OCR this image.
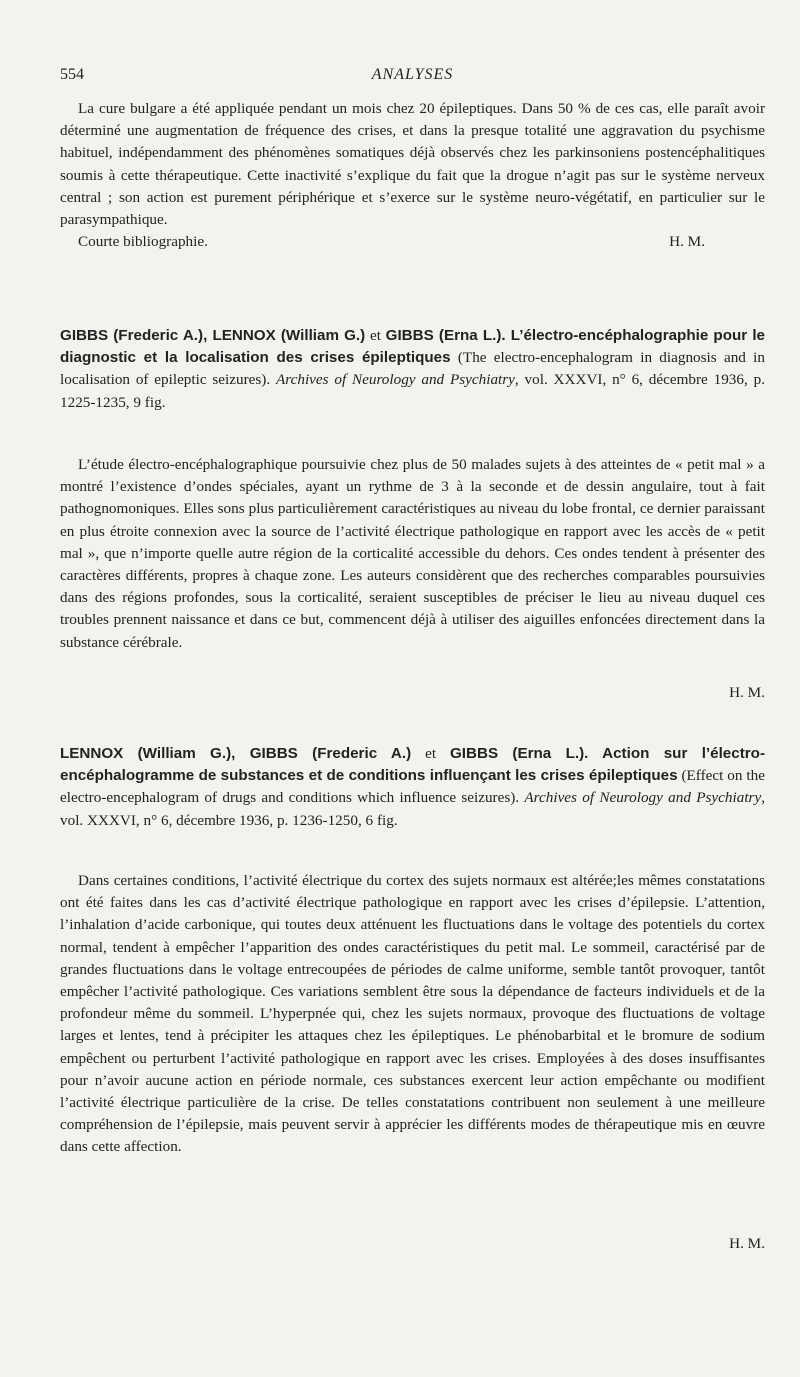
554	ANALYSES

La cure bulgare a été appliquée pendant un mois chez 20 épileptiques. Dans 50 % de ces cas, elle paraît avoir déterminé une augmentation de fréquence des crises, et dans la presque totalité une aggravation du psychisme habituel, indépendamment des phénomènes somatiques déjà observés chez les parkinsoniens postencéphalitiques soumis à cette thérapeutique. Cette inactivité s’explique du fait que la drogue n’agit pas sur le système nerveux central ; son action est purement périphérique et s’exerce sur le système neuro-végétatif, en particulier sur le parasympathique.

Courte bibliographie.	H. M.
GIBBS (Frederic A.), LENNOX (William G.) et GIBBS (Erna L.). L’électro-encéphalographie pour le diagnostic et la localisation des crises épileptiques (The electro-encephalogram in diagnosis and in localisation of epileptic seizures). Archives of Neurology and Psychiatry, vol. XXXVI, n° 6, décembre 1936, p. 1225-1235, 9 fig.

L’étude électro-encéphalographique poursuivie chez plus de 50 malades sujets à des atteintes de « petit mal » a montré l’existence d’ondes spéciales, ayant un rythme de 3 à la seconde et de dessin angulaire, tout à fait pathognomoniques. Elles sons plus particulièrement caractéristiques au niveau du lobe frontal, ce dernier paraissant en plus étroite connexion avec la source de l’activité électrique pathologique en rapport avec les accès de « petit mal », que n’importe quelle autre région de la corticalité accessible du dehors. Ces ondes tendent à présenter des caractères différents, propres à chaque zone. Les auteurs considèrent que des recherches comparables poursuivies dans des régions profondes, sous la corticalité, seraient susceptibles de préciser le lieu au niveau duquel ces troubles prennent naissance et dans ce but, commencent déjà à utiliser des aiguilles enfoncées directement dans la substance cérébrale.

H. M.
LENNOX (William G.), GIBBS (Frederic A.) et GIBBS (Erna L.). Action sur l’électro-encéphalogramme de substances et de conditions influençant les crises épileptiques (Effect on the electro-encephalogram of drugs and conditions which influence seizures). Archives of Neurology and Psychiatry, vol. XXXVI, n° 6, décembre 1936, p. 1236-1250, 6 fig.

Dans certaines conditions, l’activité électrique du cortex des sujets normaux est altérée;les mêmes constatations ont été faites dans les cas d’activité électrique pathologique en rapport avec les crises d’épilepsie. L’attention, l’inhalation d’acide carbonique, qui toutes deux atténuent les fluctuations dans le voltage des potentiels du cortex normal, tendent à empêcher l’apparition des ondes caractéristiques du petit mal. Le sommeil, caractérisé par de grandes fluctuations dans le voltage entrecoupées de périodes de calme uniforme, semble tantôt provoquer, tantôt empêcher l’activité pathologique. Ces variations semblent être sous la dépendance de facteurs individuels et de la profondeur même du sommeil. L’hyperpnée qui, chez les sujets normaux, provoque des fluctuations de voltage larges et lentes, tend à précipiter les attaques chez les épileptiques. Le phénobarbital et le bromure de sodium empêchent ou perturbent l’activité pathologique en rapport avec les crises. Employées à des doses insuffisantes pour n’avoir aucune action en période normale, ces substances exercent leur action empêchante ou modifient l’activité électrique particulière de la crise. De telles constatations contribuent non seulement à une meilleure compréhension de l’épilepsie, mais peuvent servir à apprécier les différents modes de thérapeutique mis en œuvre dans cette affection.

H. M.
